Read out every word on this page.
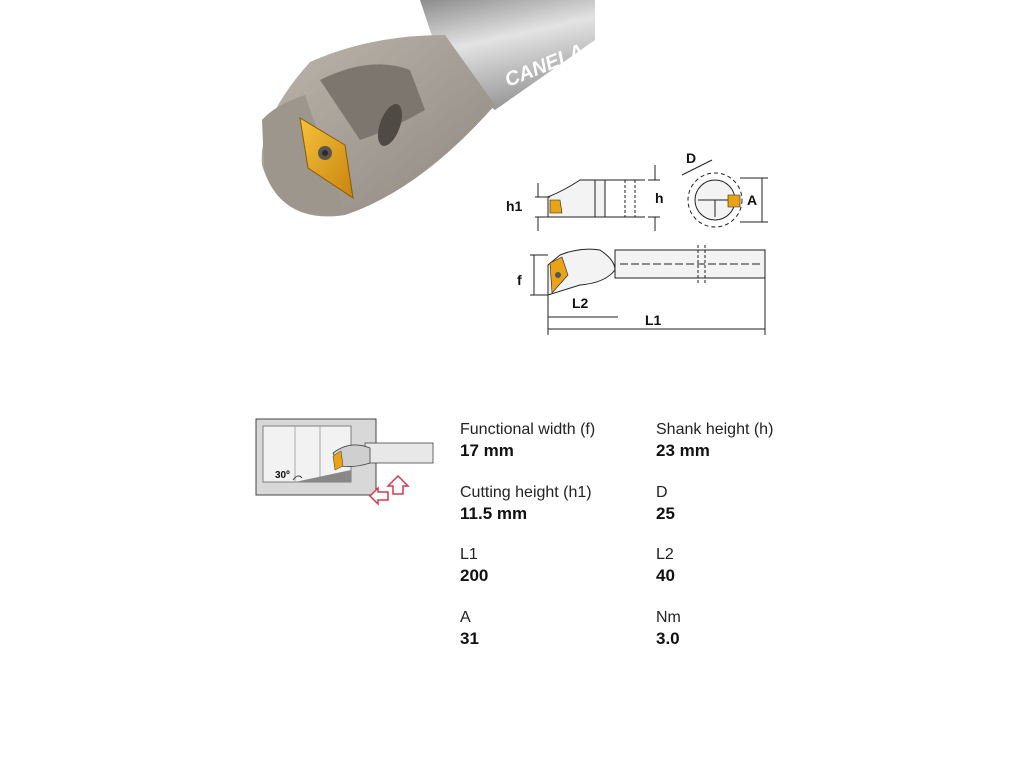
CANELA
h1	h
D
A
f
L2
L1
30º
Functional width (f)
17 mm
Shank height (h)
23 mm
Cutting height (h1)
11.5 mm
D
25
L1
200
L2
40
A
31
Nm
3.0
